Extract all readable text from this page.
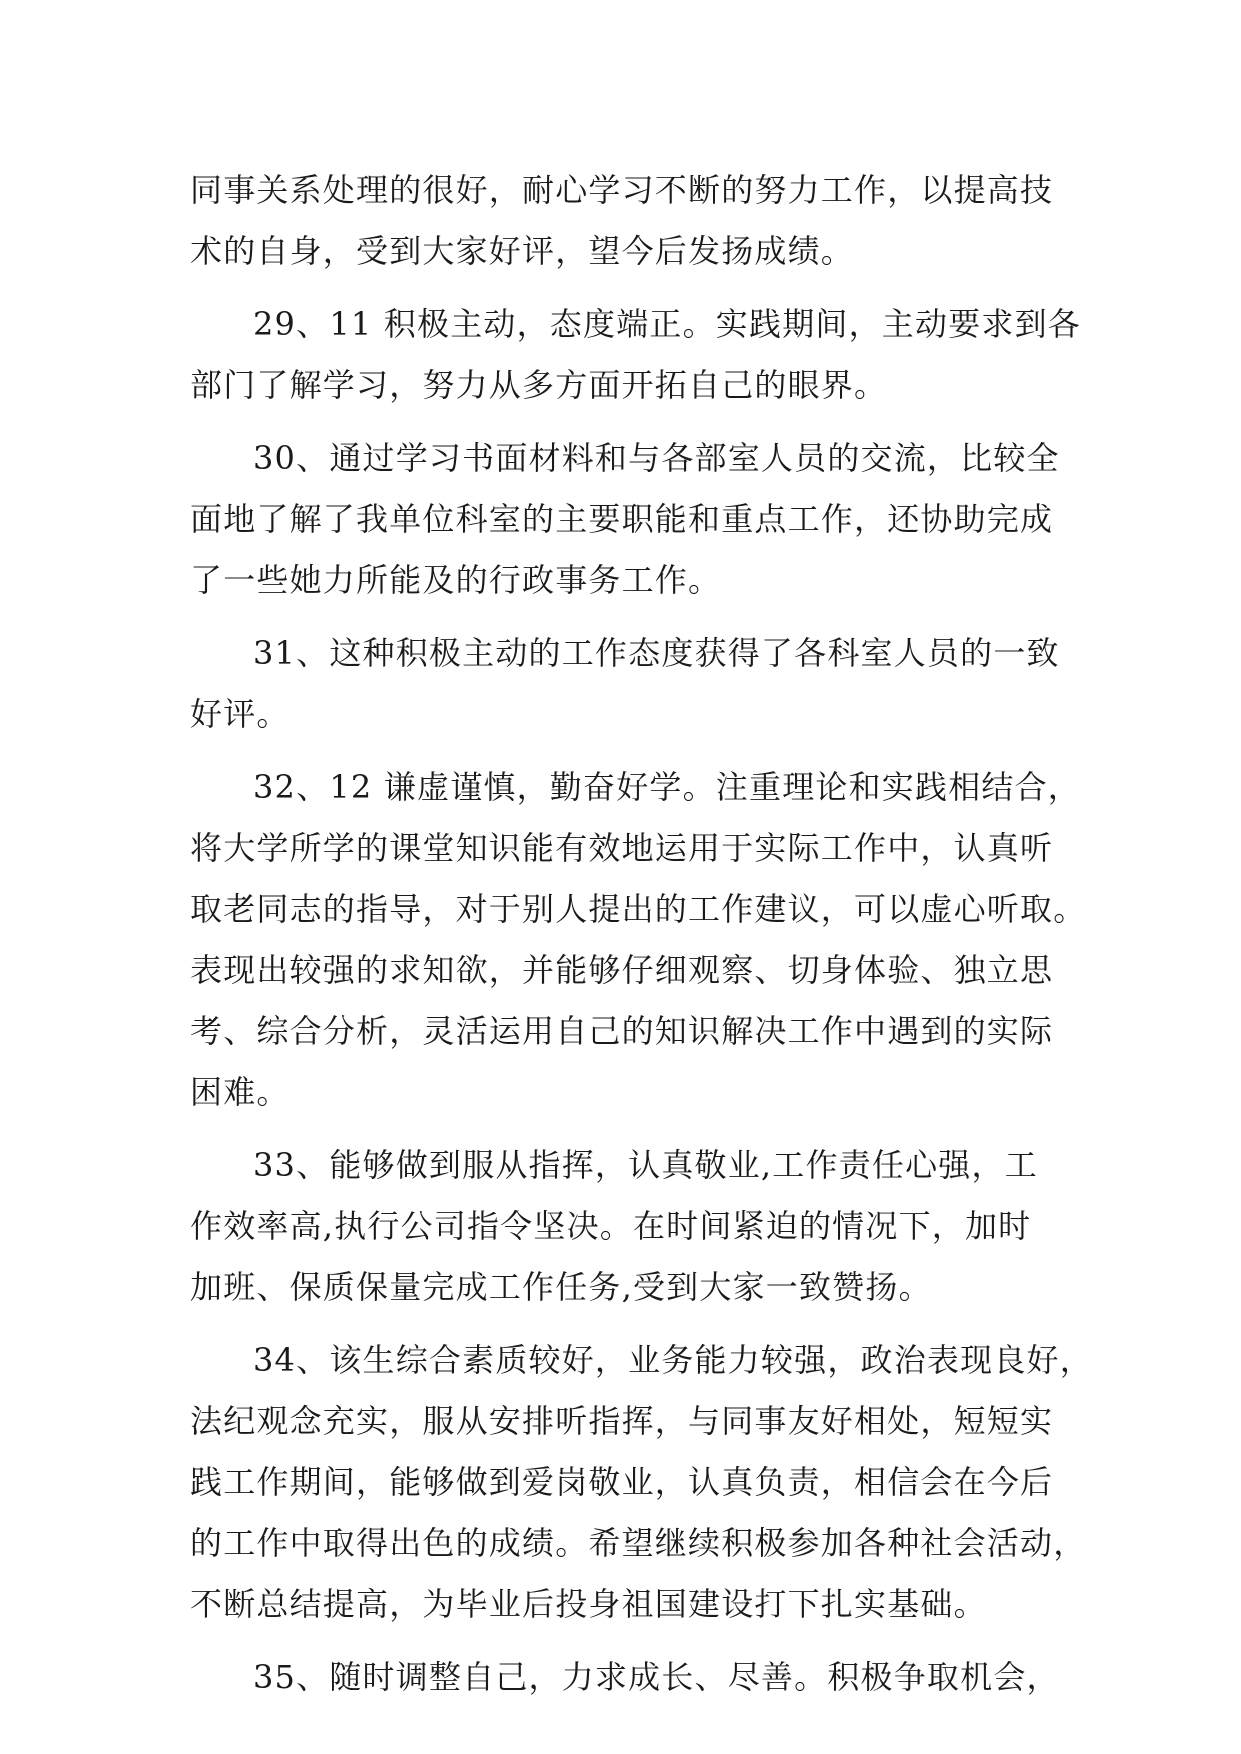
同事关系处理的很好，耐心学习不断的努力工作，以提高技
术的自身，受到大家好评，望今后发扬成绩。
29、11 积极主动，态度端正。实践期间，主动要求到各
部门了解学习，努力从多方面开拓自己的眼界。
30、通过学习书面材料和与各部室人员的交流，比较全
面地了解了我单位科室的主要职能和重点工作，还协助完成
了一些她力所能及的行政事务工作。
31、这种积极主动的工作态度获得了各科室人员的一致
好评。
32、12 谦虚谨慎，勤奋好学。注重理论和实践相结合，
将大学所学的课堂知识能有效地运用于实际工作中，认真听
取老同志的指导，对于别人提出的工作建议，可以虚心听取。
表现出较强的求知欲，并能够仔细观察、切身体验、独立思
考、综合分析，灵活运用自己的知识解决工作中遇到的实际
困难。
33、能够做到服从指挥，认真敬业,工作责任心强，工
作效率高,执行公司指令坚决。在时间紧迫的情况下，加时
加班、保质保量完成工作任务,受到大家一致赞扬。
34、该生综合素质较好，业务能力较强，政治表现良好，
法纪观念充实，服从安排听指挥，与同事友好相处，短短实
践工作期间，能够做到爱岗敬业，认真负责，相信会在今后
的工作中取得出色的成绩。希望继续积极参加各种社会活动，
不断总结提高，为毕业后投身祖国建设打下扎实基础。
35、随时调整自己，力求成长、尽善。积极争取机会，
